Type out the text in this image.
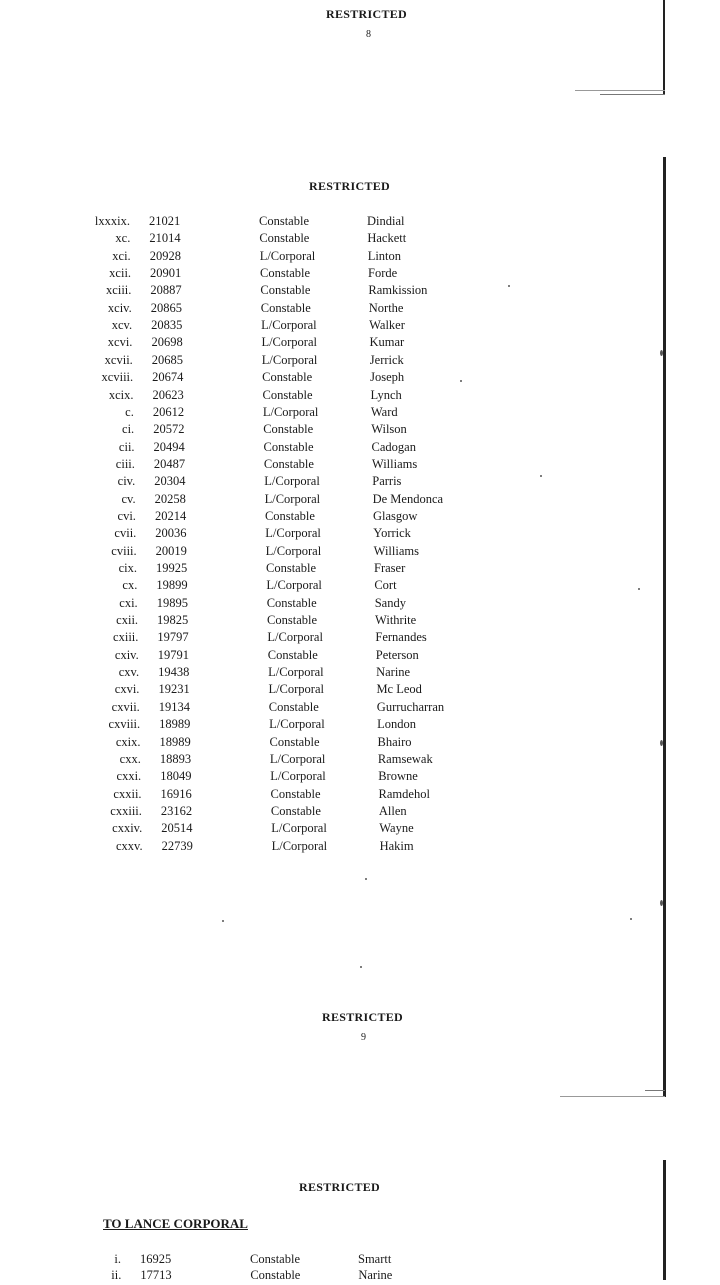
RESTRICTED
8
RESTRICTED
lxxxix. 21021	Constable	Dindial
xc. 21014	Constable	Hackett
xci. 20928	L/Corporal	Linton
xcii. 20901	Constable	Forde
xciii. 20887	Constable	Ramkission
xciv. 20865	Constable	Northe
xcv. 20835	L/Corporal	Walker
xcvi. 20698	L/Corporal	Kumar
xcvii. 20685	L/Corporal	Jerrick
xcviii. 20674	Constable	Joseph
xcix. 20623	Constable	Lynch
c. 20612	L/Corporal	Ward
ci. 20572	Constable	Wilson
cii. 20494	Constable	Cadogan
ciii. 20487	Constable	Williams
civ. 20304	L/Corporal	Parris
cv. 20258	L/Corporal	De Mendonca
cvi. 20214	Constable	Glasgow
cvii. 20036	L/Corporal	Yorrick
cviii. 20019	L/Corporal	Williams
cix. 19925	Constable	Fraser
cx. 19899	L/Corporal	Cort
cxi. 19895	Constable	Sandy
cxii. 19825	Constable	Withrite
cxiii. 19797	L/Corporal	Fernandes
cxiv. 19791	Constable	Peterson
cxv. 19438	L/Corporal	Narine
cxvi. 19231	L/Corporal	Mc Leod
cxvii. 19134	Constable	Gurrucharran
cxviii. 18989	L/Corporal	London
cxix. 18989	Constable	Bhairo
cxx. 18893	L/Corporal	Ramsewak
cxxi. 18049	L/Corporal	Browne
cxxii. 16916	Constable	Ramdehol
cxxiii. 23162	Constable	Allen
cxxiv. 20514	L/Corporal	Wayne
cxxv. 22739	L/Corporal	Hakim
RESTRICTED
9
RESTRICTED
TO LANCE CORPORAL
i. 16925	Constable	Smartt
ii. 17713	Constable	Narine
